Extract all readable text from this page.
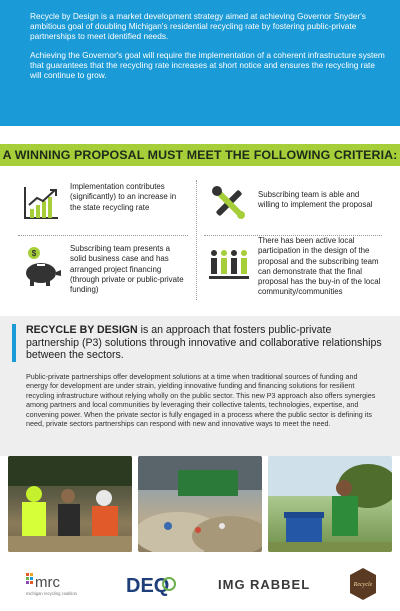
Recycle by Design is a market development strategy aimed at achieving Governor Snyder's ambitious goal of doubling Michigan's residential recycling rate by fostering public-private partnerships to meet identified needs.

Achieving the Governor's goal will require the implementation of a coherent infrastructure system that guarantees that the recycling rate increases at short notice and ensures the recycling rate will continue to grow.

A WINNING PROPOSAL MUST MEET THE FOLLOWING CRITERIA:
Implementation contributes (significantly) to an increase in the state recycling rate
Subscribing team is able and willing to implement the proposal
$
Subscribing team presents a solid business case and has arranged project financing (through private or public-private funding)
There has been active local participation in the design of the proposal and the subscribing team can demonstrate that the final proposal has the buy-in of the local community/communities
RECYCLE BY DESIGN is an approach that fosters public-private partnership (P3) solutions through innovative and collaborative relationships between the sectors.
Public-private partnerships offer development solutions at a time when traditional sources of funding and energy for development are under strain, yielding innovative funding and financing solutions for resilient recycling infrastructure without relying wholly on the public sector. This new P3 approach also offers synergies among partners and local communities by leveraging their collective talents, technologies, expertise, and convening power. When the private sector is fully engaged in a process where the public sector is defining its need, private sectors partnerships can respond with new and innovative ways to meet the need.
mrc
michigan recycling coalition DEQ	IMG RABBEL	Recycle
